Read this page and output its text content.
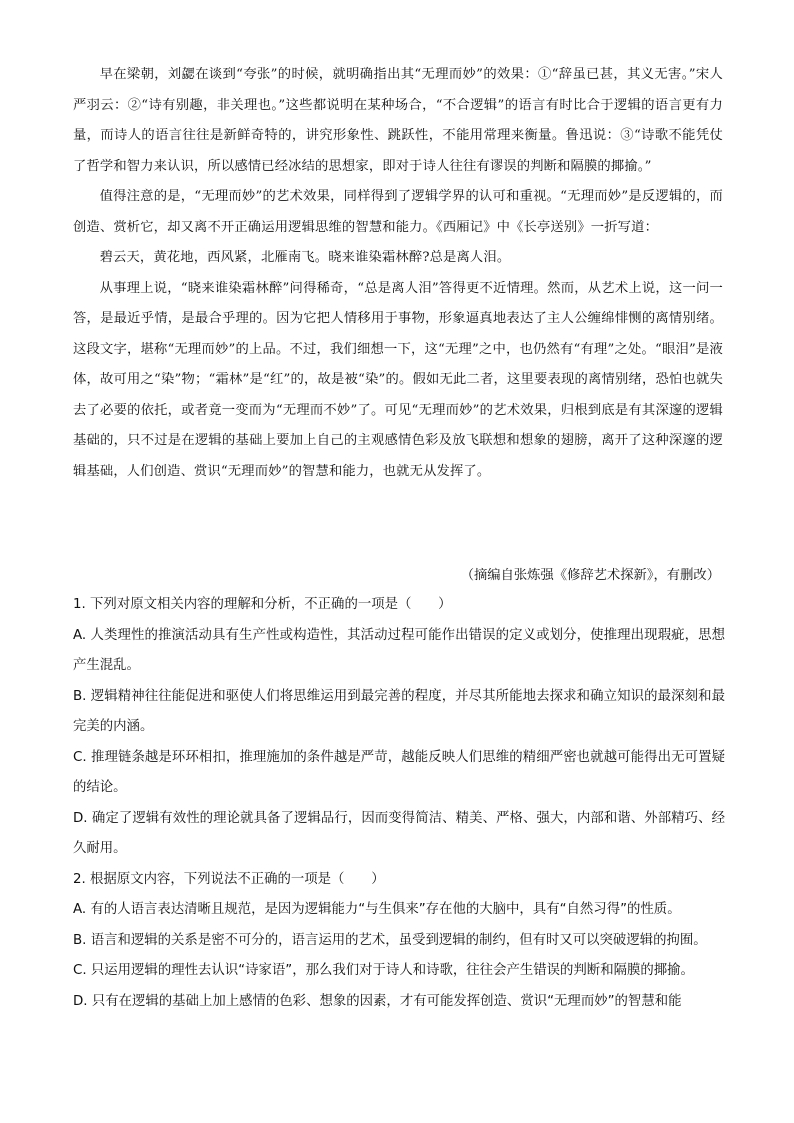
早在梁朝，刘勰在谈到“夸张”的时候，就明确指出其“无理而妙”的效果：①“辞虽已甚，其义无害。”宋人严羽云：②“诗有别趣，非关理也。”这些都说明在某种场合，“不合逻辑”的语言有时比合于逻辑的语言更有力量，而诗人的语言往往是新鲜奇特的，讲究形象性、跳跃性，不能用常理来衡量。鲁迅说：③“诗歌不能凭仗了哲学和智力来认识，所以感情已经冰结的思想家，即对于诗人往往有谬误的判断和隔膜的揶揄。”

值得注意的是，“无理而妙”的艺术效果，同样得到了逻辑学界的认可和重视。“无理而妙”是反逻辑的，而创造、赏析它，却又离不开正确运用逻辑思维的智慧和能力。《西厢记》中《长亭送别》一折写道：

碧云天，黄花地，西风紧，北雁南飞。晓来谁染霜林醉?总是离人泪。

从事理上说，“晓来谁染霜林醉”问得稀奇，“总是离人泪”答得更不近情理。然而，从艺术上说，这一问一答，是最近乎情，是最合乎理的。因为它把人情移用于事物，形象逼真地表达了主人公缠绵悱恻的离情别绪。这段文字，堪称“无理而妙”的上品。不过，我们细想一下，这“无理”之中，也仍然有“有理”之处。“眼泪”是液体，故可用之“染”物；“霜林”是“红”的，故是被“染”的。假如无此二者，这里要表现的离情别绪，恐怕也就失去了必要的依托，或者竟一变而为“无理而不妙”了。可见“无理而妙”的艺术效果，归根到底是有其深邃的逻辑基础的，只不过是在逻辑的基础上要加上自己的主观感情色彩及放飞联想和想象的翅膀，离开了这种深邃的逻辑基础，人们创造、赏识“无理而妙”的智慧和能力，也就无从发挥了。

（摘编自张炼强《修辞艺术探新》，有删改）

1. 下列对原文相关内容的理解和分析，不正确的一项是（　　）

A. 人类理性的推演活动具有生产性或构造性，其活动过程可能作出错误的定义或划分，使推理出现瑕疵，思想产生混乱。

B. 逻辑精神往往能促进和驱使人们将思维运用到最完善的程度，并尽其所能地去探求和确立知识的最深刻和最完美的内涵。

C. 推理链条越是环环相扣，推理施加的条件越是严苛，越能反映人们思维的精细严密也就越可能得出无可置疑的结论。

D. 确定了逻辑有效性的理论就具备了逻辑品行，因而变得简洁、精美、严格、强大，内部和谐、外部精巧、经久耐用。

2. 根据原文内容，下列说法不正确的一项是（　　）

A. 有的人语言表达清晰且规范，是因为逻辑能力“与生俱来”存在他的大脑中，具有“自然习得”的性质。

B. 语言和逻辑的关系是密不可分的，语言运用的艺术，虽受到逻辑的制约，但有时又可以突破逻辑的拘囿。

C. 只运用逻辑的理性去认识“诗家语”，那么我们对于诗人和诗歌，往往会产生错误的判断和隔膜的揶揄。

D. 只有在逻辑的基础上加上感情的色彩、想象的因素，才有可能发挥创造、赏识“无理而妙”的智慧和能
